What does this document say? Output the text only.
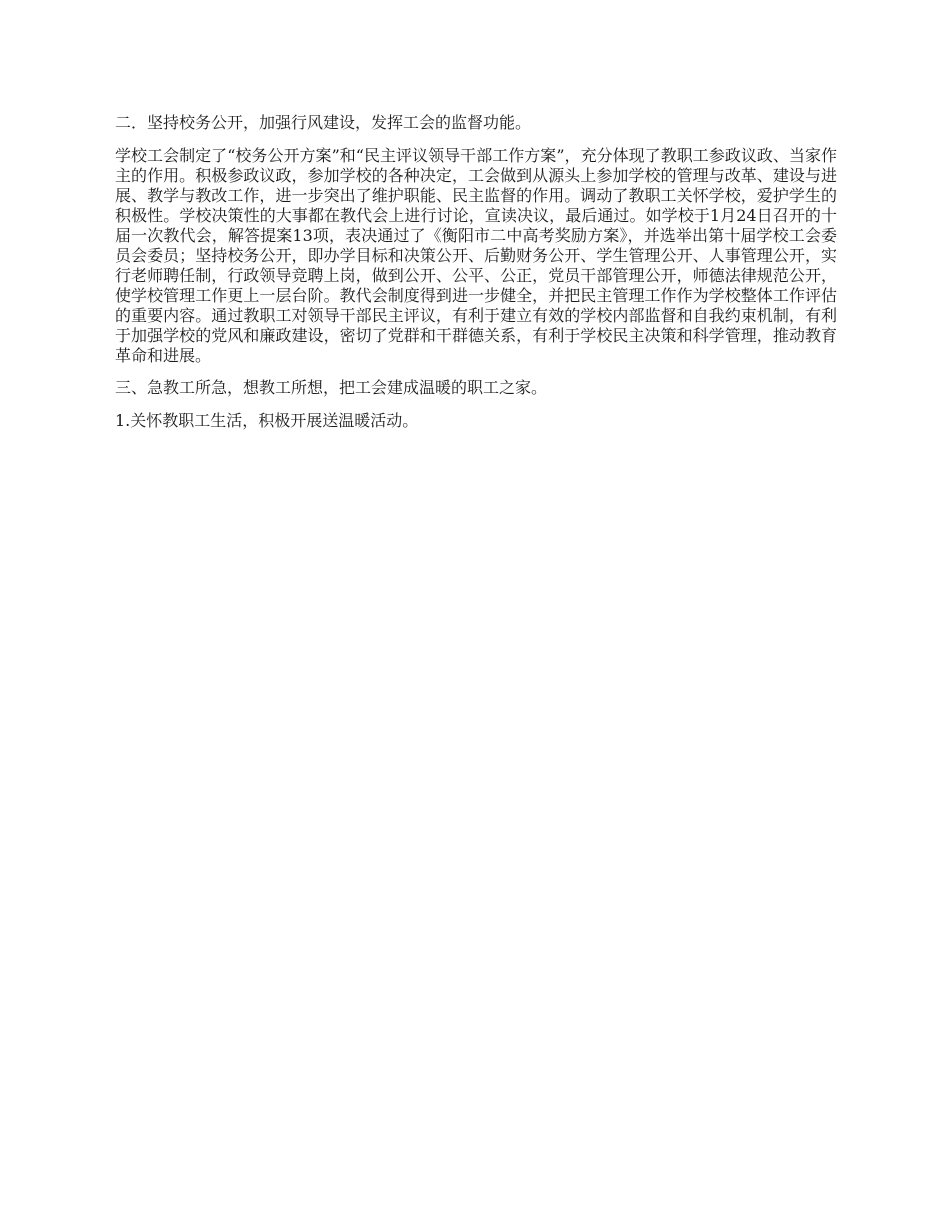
二．坚持校务公开，加强行风建设，发挥工会的监督功能。

学校工会制定了“校务公开方案”和“民主评议领导干部工作方案”，充分体现了教职工参政议政、当家作主的作用。积极参政议政，参加学校的各种决定，工会做到从源头上参加学校的管理与改革、建设与进展、教学与教改工作，进一步突出了维护职能、民主监督的作用。调动了教职工关怀学校，爱护学生的积极性。学校决策性的大事都在教代会上进行讨论，宣读决议，最后通过。如学校于1月24日召开的十届一次教代会，解答提案13项，表决通过了《衡阳市二中高考奖励方案》，并选举出第十届学校工会委员会委员；坚持校务公开，即办学目标和决策公开、后勤财务公开、学生管理公开、人事管理公开，实行老师聘任制，行政领导竞聘上岗，做到公开、公平、公正，党员干部管理公开，师德法律规范公开，使学校管理工作更上一层台阶。教代会制度得到进一步健全，并把民主管理工作作为学校整体工作评估的重要内容。通过教职工对领导干部民主评议，有利于建立有效的学校内部监督和自我约束机制，有利于加强学校的党风和廉政建设，密切了党群和干群德关系，有利于学校民主决策和科学管理，推动教育革命和进展。

三、急教工所急，想教工所想，把工会建成温暖的职工之家。

1.关怀教职工生活，积极开展送温暖活动。
